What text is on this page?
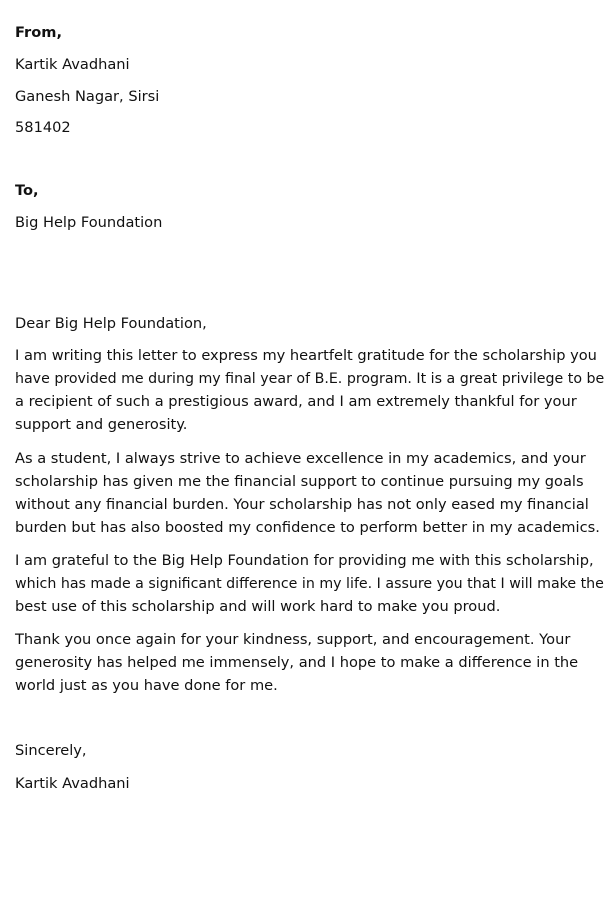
From,
Kartik Avadhani
Ganesh Nagar, Sirsi
581402
To,
Big Help Foundation
Dear Big Help Foundation,
I am writing this letter to express my heartfelt gratitude for the scholarship you
have provided me during my final year of B.E. program. It is a great privilege to be
a recipient of such a prestigious award, and I am extremely thankful for your
support and generosity.
As a student, I always strive to achieve excellence in my academics, and your
scholarship has given me the financial support to continue pursuing my goals
without any financial burden. Your scholarship has not only eased my financial
burden but has also boosted my confidence to perform better in my academics.
I am grateful to the Big Help Foundation for providing me with this scholarship,
which has made a significant difference in my life. I assure you that I will make the
best use of this scholarship and will work hard to make you proud.
Thank you once again for your kindness, support, and encouragement. Your
generosity has helped me immensely, and I hope to make a difference in the
world just as you have done for me.
Sincerely,
Kartik Avadhani
